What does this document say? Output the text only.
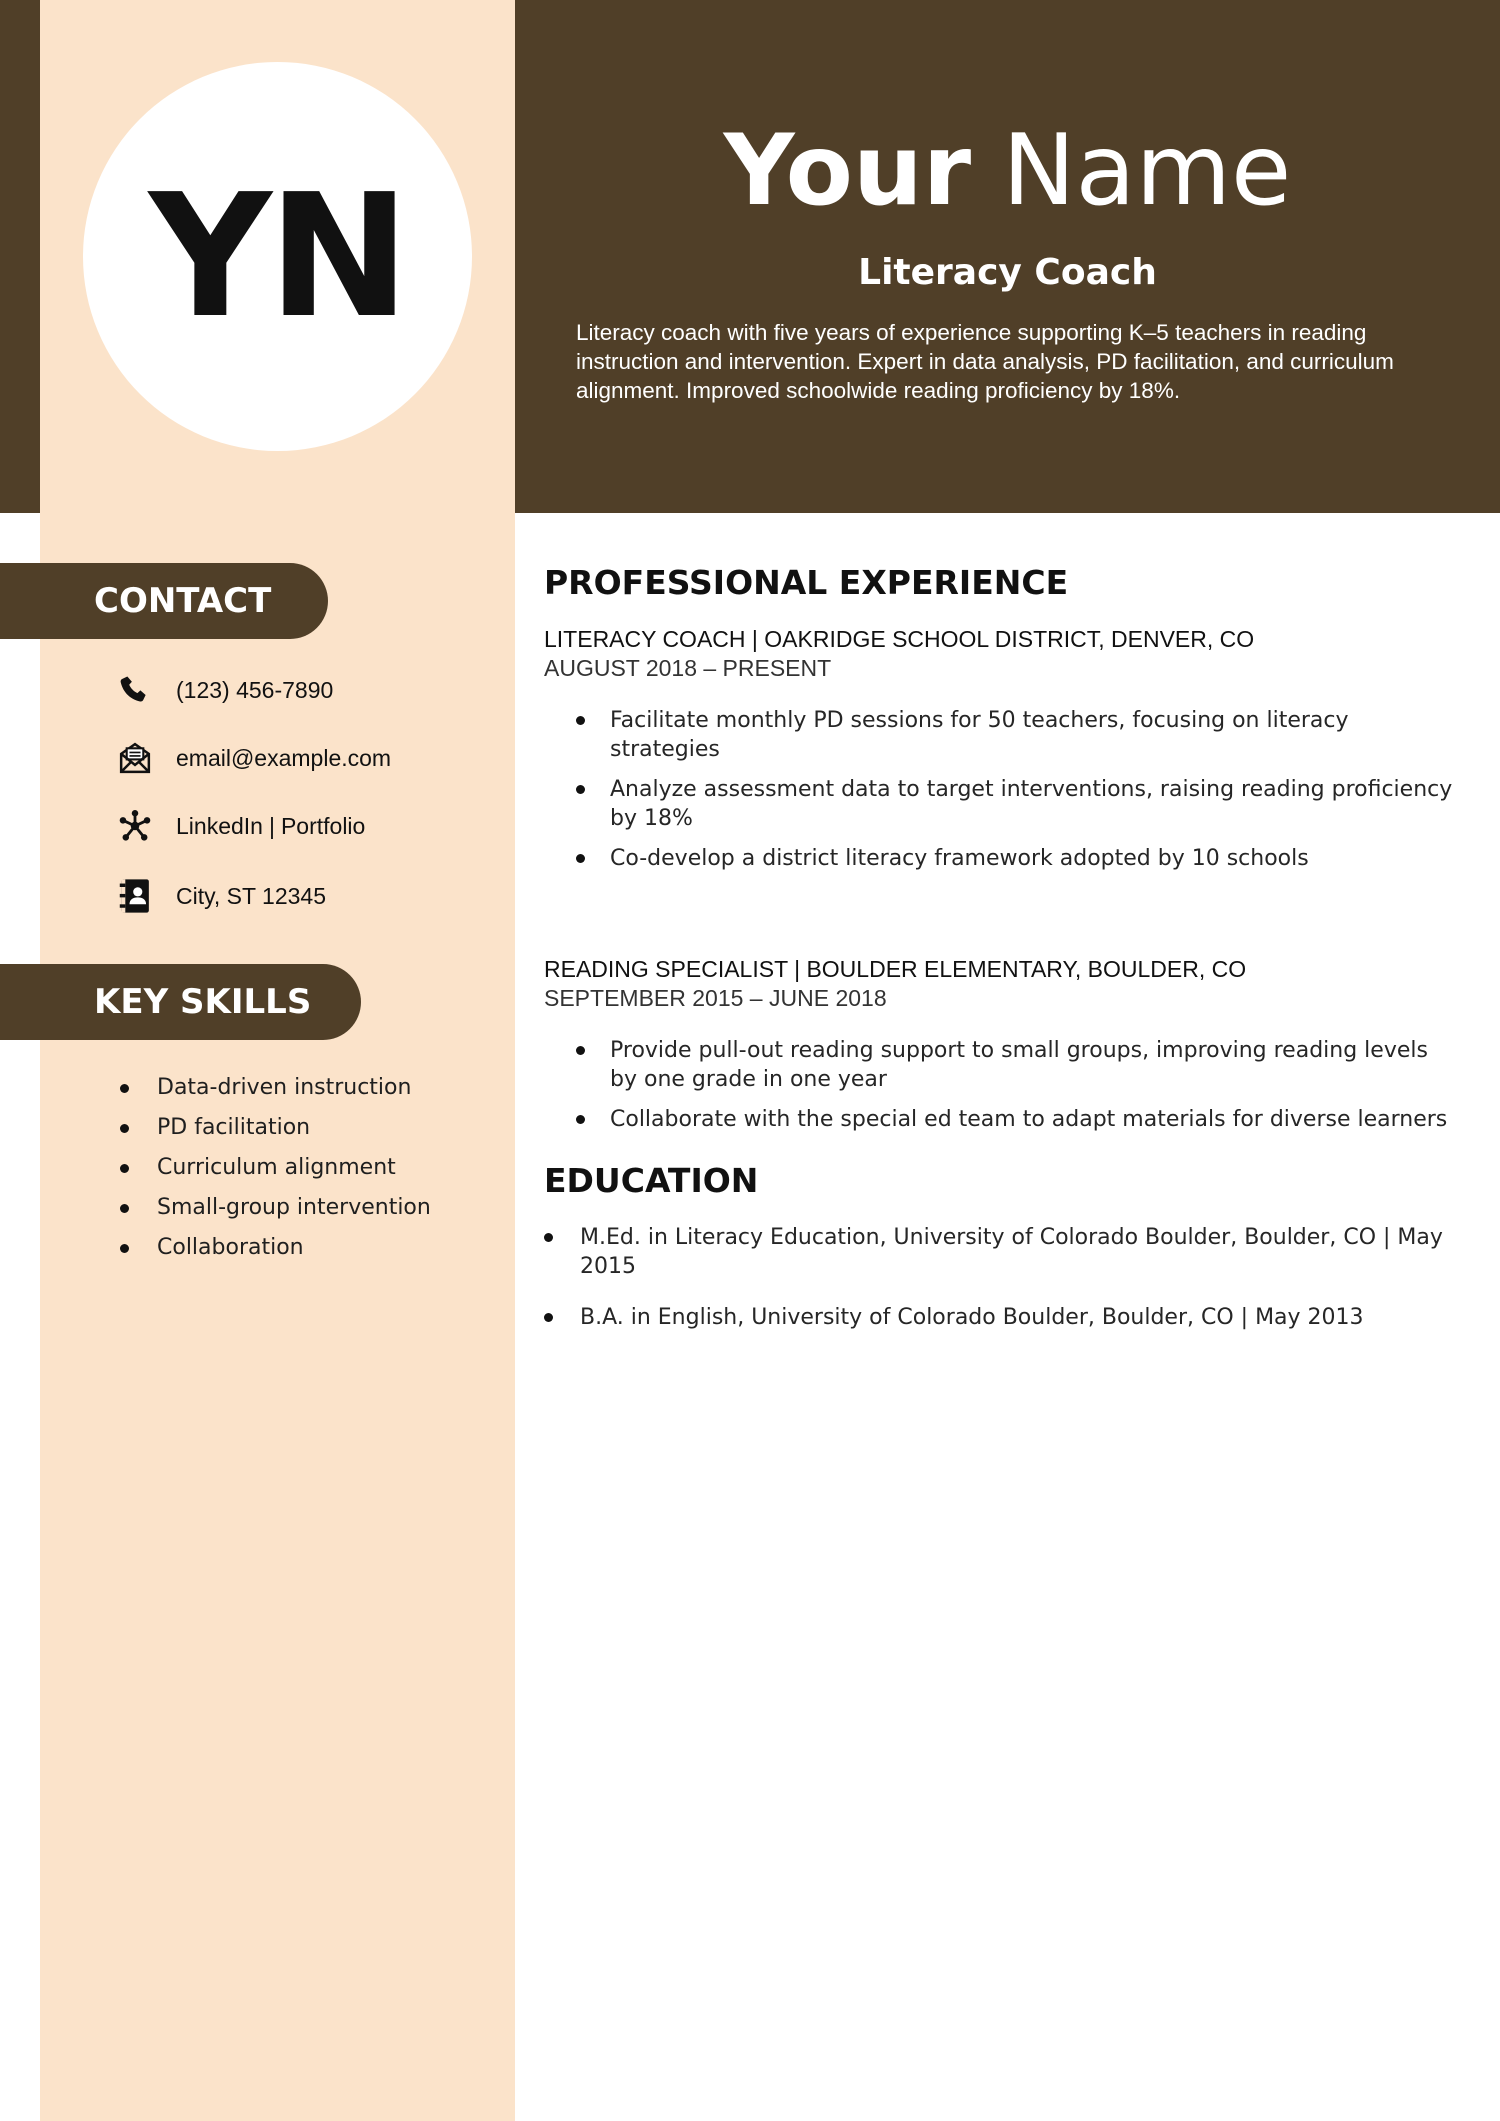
YN	Your Name
Literacy Coach
Literacy coach with five years of experience supporting K–5 teachers in reading instruction and intervention. Expert in data analysis, PD facilitation, and curriculum alignment. Improved schoolwide reading proficiency by 18%.
CONTACT
(123) 456-7890
email@example.com
LinkedIn | Portfolio
City, ST 12345
KEY SKILLS
Data-driven instruction
PD facilitation
Curriculum alignment
Small-group intervention
Collaboration
PROFESSIONAL EXPERIENCE
LITERACY COACH | OAKRIDGE SCHOOL DISTRICT, DENVER, CO
AUGUST 2018 – PRESENT
Facilitate monthly PD sessions for 50 teachers, focusing on literacy strategies
Analyze assessment data to target interventions, raising reading proficiency by 18%
Co-develop a district literacy framework adopted by 10 schools
READING SPECIALIST | BOULDER ELEMENTARY, BOULDER, CO
SEPTEMBER 2015 – JUNE 2018
Provide pull-out reading support to small groups, improving reading levels by one grade in one year
Collaborate with the special ed team to adapt materials for diverse learners
EDUCATION
M.Ed. in Literacy Education, University of Colorado Boulder, Boulder, CO | May 2015
B.A. in English, University of Colorado Boulder, Boulder, CO | May 2013
